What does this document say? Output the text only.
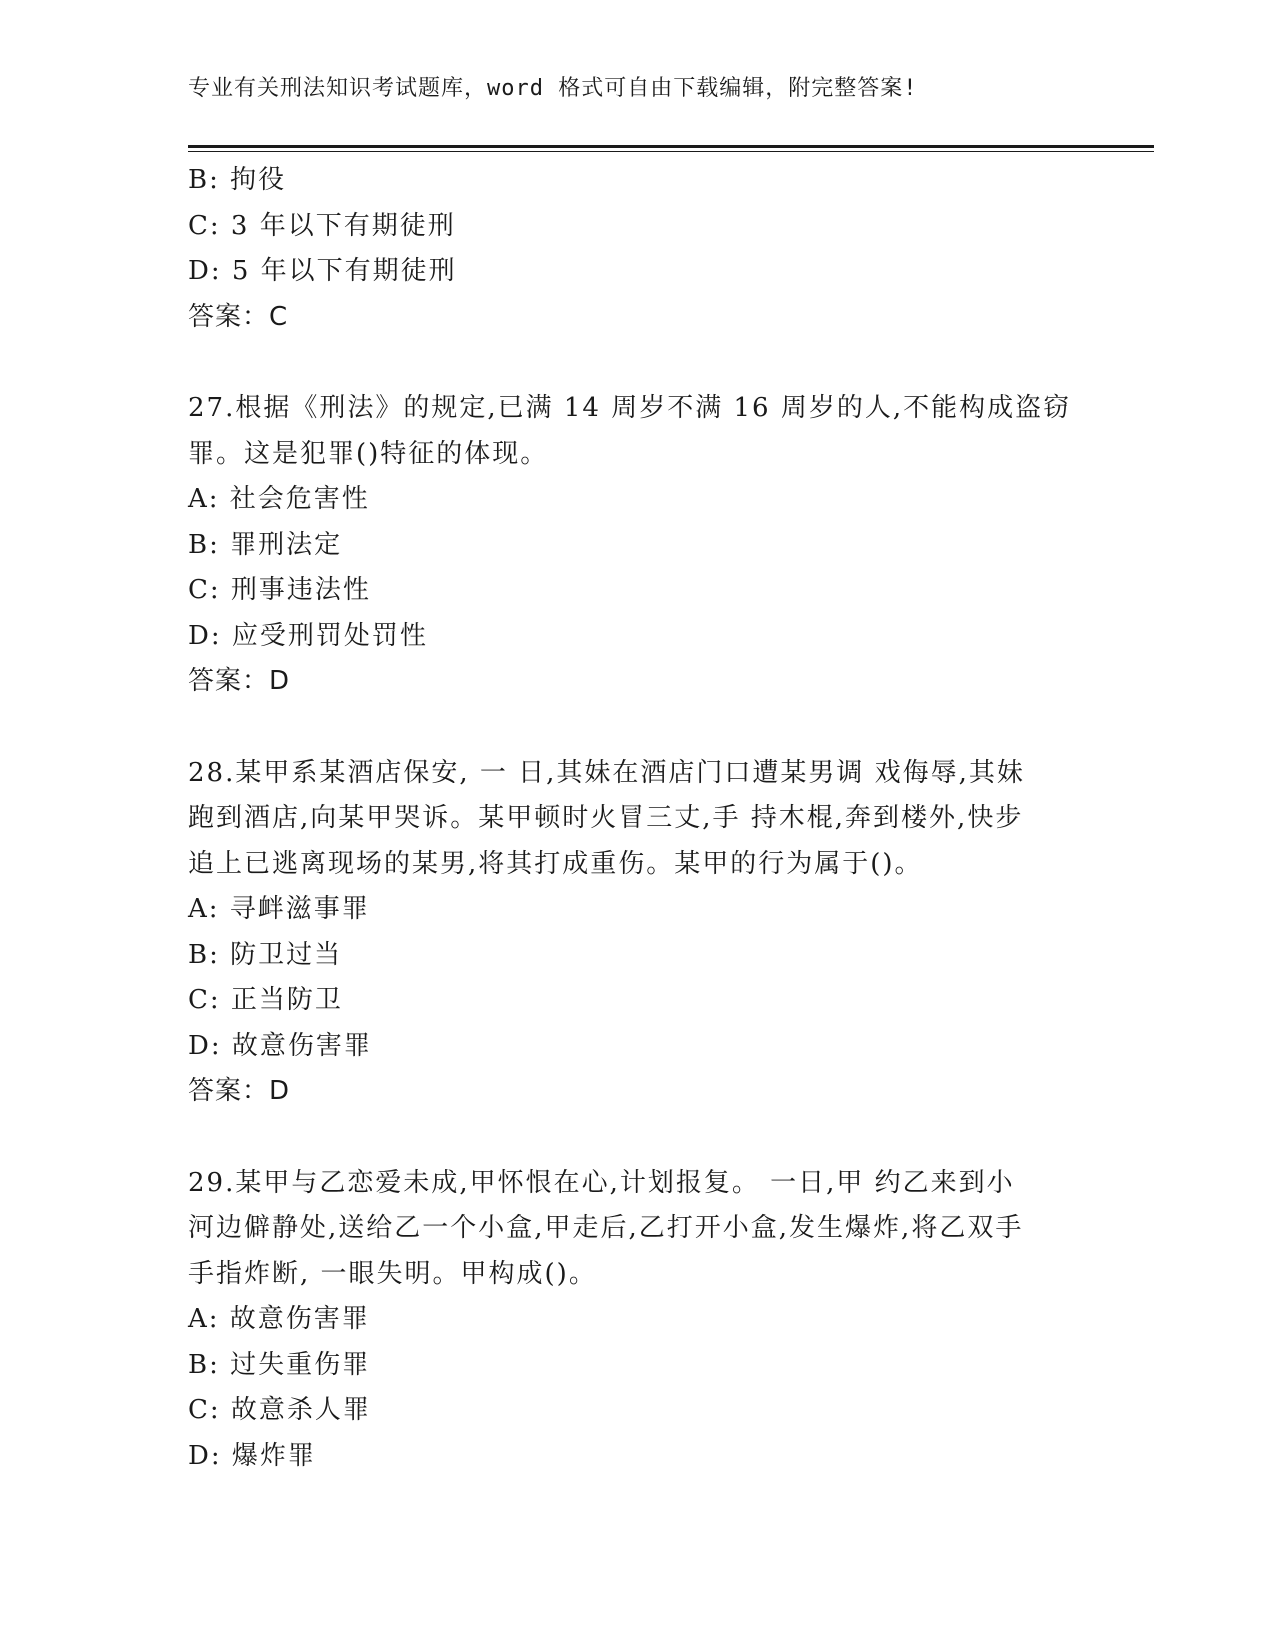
专业有关刑法知识考试题库，word 格式可自由下载编辑，附完整答案!
B: 拘役
C: 3 年以下有期徒刑
D: 5 年以下有期徒刑
答案：C
27.根据《刑法》的规定,已满 14 周岁不满 16 周岁的人,不能构成盗窃
罪。这是犯罪()特征的体现。
A: 社会危害性
B: 罪刑法定
C: 刑事违法性
D: 应受刑罚处罚性
答案：D
28.某甲系某酒店保安, 一 日,其妹在酒店门口遭某男调 戏侮辱,其妹
跑到酒店,向某甲哭诉。某甲顿时火冒三丈,手 持木棍,奔到楼外,快步
追上已逃离现场的某男,将其打成重伤。某甲的行为属于()。
A: 寻衅滋事罪
B: 防卫过当
C: 正当防卫
D: 故意伤害罪
答案：D
29.某甲与乙恋爱未成,甲怀恨在心,计划报复。 一日,甲 约乙来到小
河边僻静处,送给乙一个小盒,甲走后,乙打开小盒,发生爆炸,将乙双手
手指炸断, 一眼失明。甲构成()。
A: 故意伤害罪
B: 过失重伤罪
C: 故意杀人罪
D: 爆炸罪
